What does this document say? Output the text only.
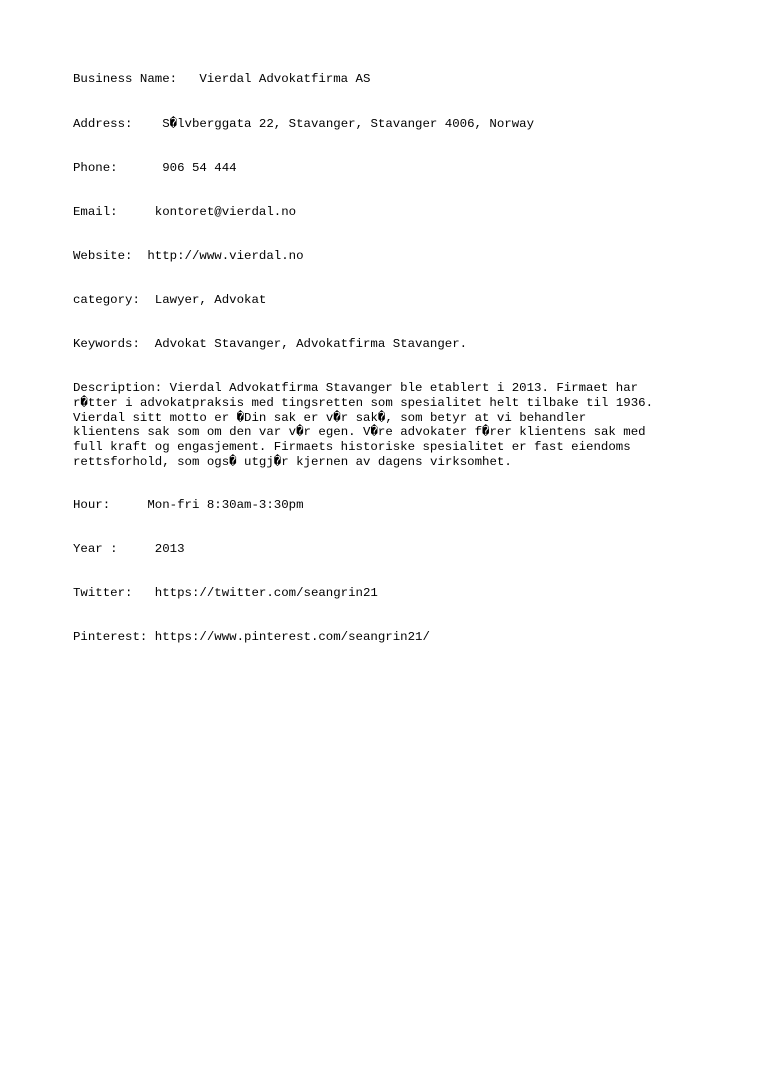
Business Name:   Vierdal Advokatfirma AS
Address:    S�lvberggata 22, Stavanger, Stavanger 4006, Norway
Phone:      906 54 444
Email:     kontoret@vierdal.no
Website:  http://www.vierdal.no
category:  Lawyer, Advokat
Keywords:  Advokat Stavanger, Advokatfirma Stavanger.
Description: Vierdal Advokatfirma Stavanger ble etablert i 2013. Firmaet har
r�tter i advokatpraksis med tingsretten som spesialitet helt tilbake til 1936.
Vierdal sitt motto er �Din sak er v�r sak�, som betyr at vi behandler
klientens sak som om den var v�r egen. V�re advokater f�rer klientens sak med
full kraft og engasjement. Firmaets historiske spesialitet er fast eiendoms
rettsforhold, som ogs� utgj�r kjernen av dagens virksomhet.
Hour:     Mon-fri 8:30am-3:30pm
Year :     2013
Twitter:   https://twitter.com/seangrin21
Pinterest: https://www.pinterest.com/seangrin21/
